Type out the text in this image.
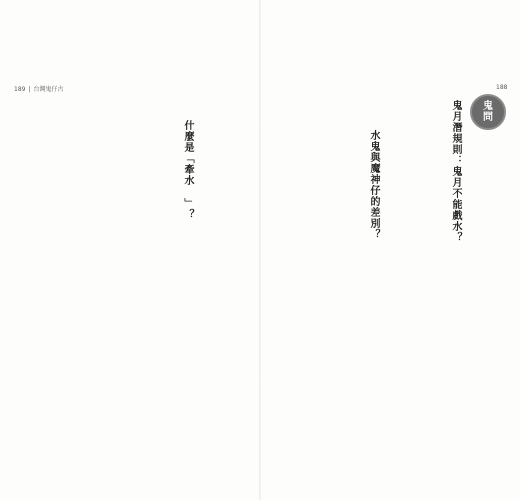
189 | 台灣鬼仔古	188
鬼
問
鬼月潛規則：鬼月不能戲水？
水鬼與魔神仔的差別？
什麼是「牽水 」？
